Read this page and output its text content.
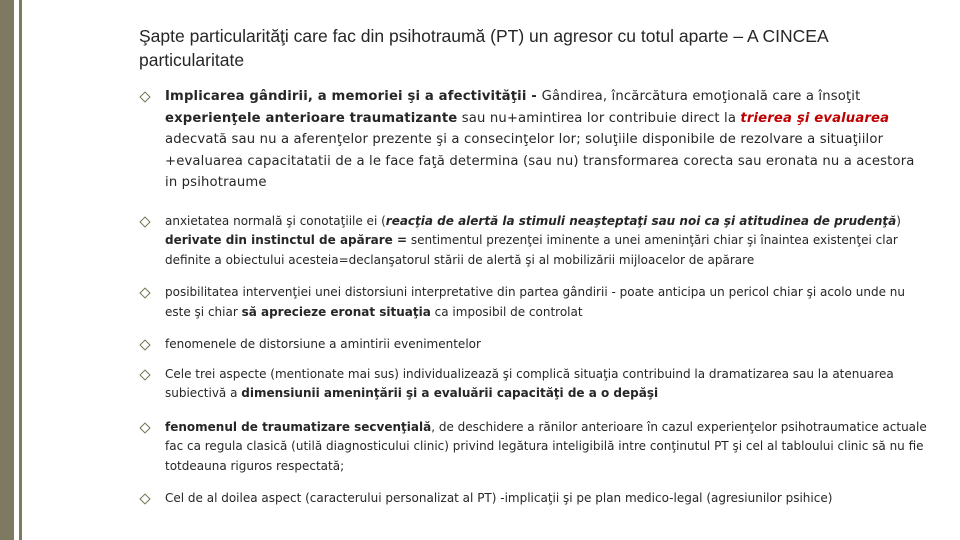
Şapte particularităţi care fac din psihotraumă (PT) un agresor cu totul aparte – A CINCEA particularitate
Implicarea gândirii, a memoriei şi a afectivităţii - Gândirea, încărcătura emoţională care a însoţit experienţele anterioare traumatizante sau nu+amintirea lor contribuie direct la trierea şi evaluarea adecvată sau nu a aferenţelor prezente şi a consecinţelor lor; soluţiile disponibile de rezolvare a situaţiilor +evaluarea capacitatatii de a le face faţă determina (sau nu) transformarea corecta sau eronata nu a acestora in psihotraume
anxietatea normală şi conotaţiile ei (reacţia de alertă la stimuli neaşteptaţi sau noi ca şi atitudinea de prudenţă) derivate din instinctul de apărare = sentimentul prezenţei iminente a unei ameninţări chiar şi înaintea existenţei clar definite a obiectului acesteia=declanşatorul stării de alertă şi al mobilizării mijloacelor de apărare
posibilitatea intervenţiei unei distorsiuni interpretative din partea gândirii - poate anticipa un pericol chiar şi acolo unde nu este şi chiar să aprecieze eronat situaţia ca imposibil de controlat
fenomenele de distorsiune a amintirii evenimentelor
Cele trei aspecte (mentionate mai sus) individualizează şi complică situaţia contribuind la dramatizarea sau la atenuarea subiectivă a dimensiunii ameninţării şi a evaluării capacităţi de a o depăşi
fenomenul de traumatizare secvenţială, de deschidere a rănilor anterioare în cazul experienţelor psihotraumatice actuale fac ca regula clasică (utilă diagnosticului clinic) privind legătura inteligibilă intre conţinutul PT şi cel al tabloului clinic să nu fie totdeauna riguros respectată;
Cel de al doilea aspect (caracterului personalizat al PT) -implicaţii şi pe plan medico-legal (agresiunilor psihice)
